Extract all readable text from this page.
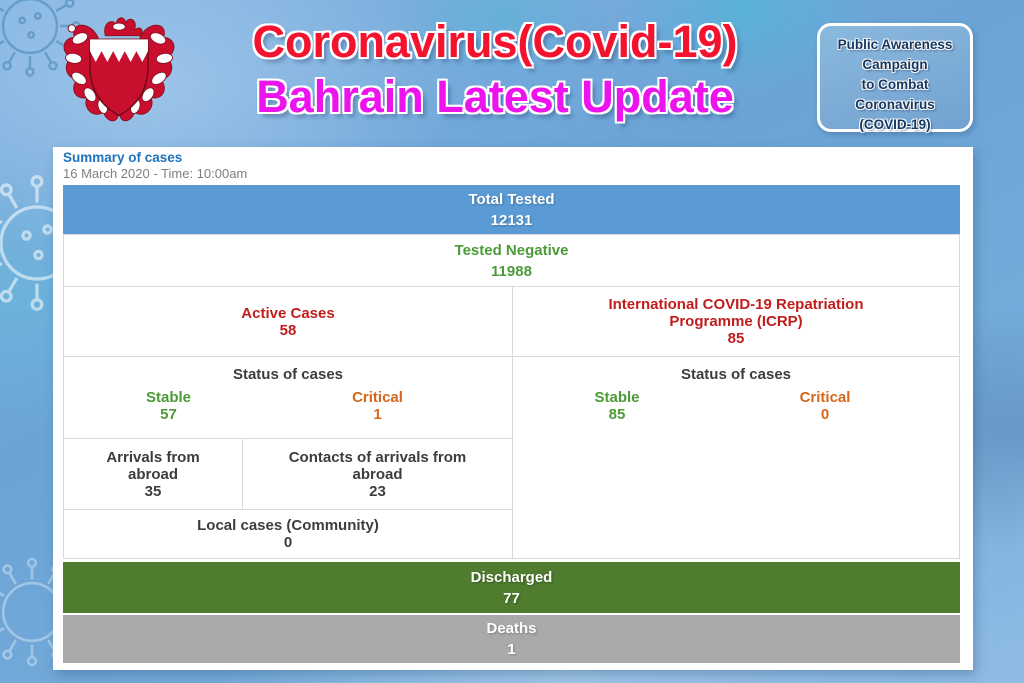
Coronavirus(Covid-19)
Bahrain Latest Update
Public Awareness
Campaign
to Combat
Coronavirus
(COVID-19)
Summary of cases
16 March 2020 - Time: 10:00am
Total Tested
12131
Tested Negative
11988
Active Cases
58
Status of cases
Stable
57
Critical
1
Arrivals from abroad
35
Contacts of arrivals from abroad
23
Local cases (Community)
0
International COVID-19 Repatriation Programme (ICRP)
85
Status of cases
Stable
85
Critical
0
Discharged
77
Deaths
1
